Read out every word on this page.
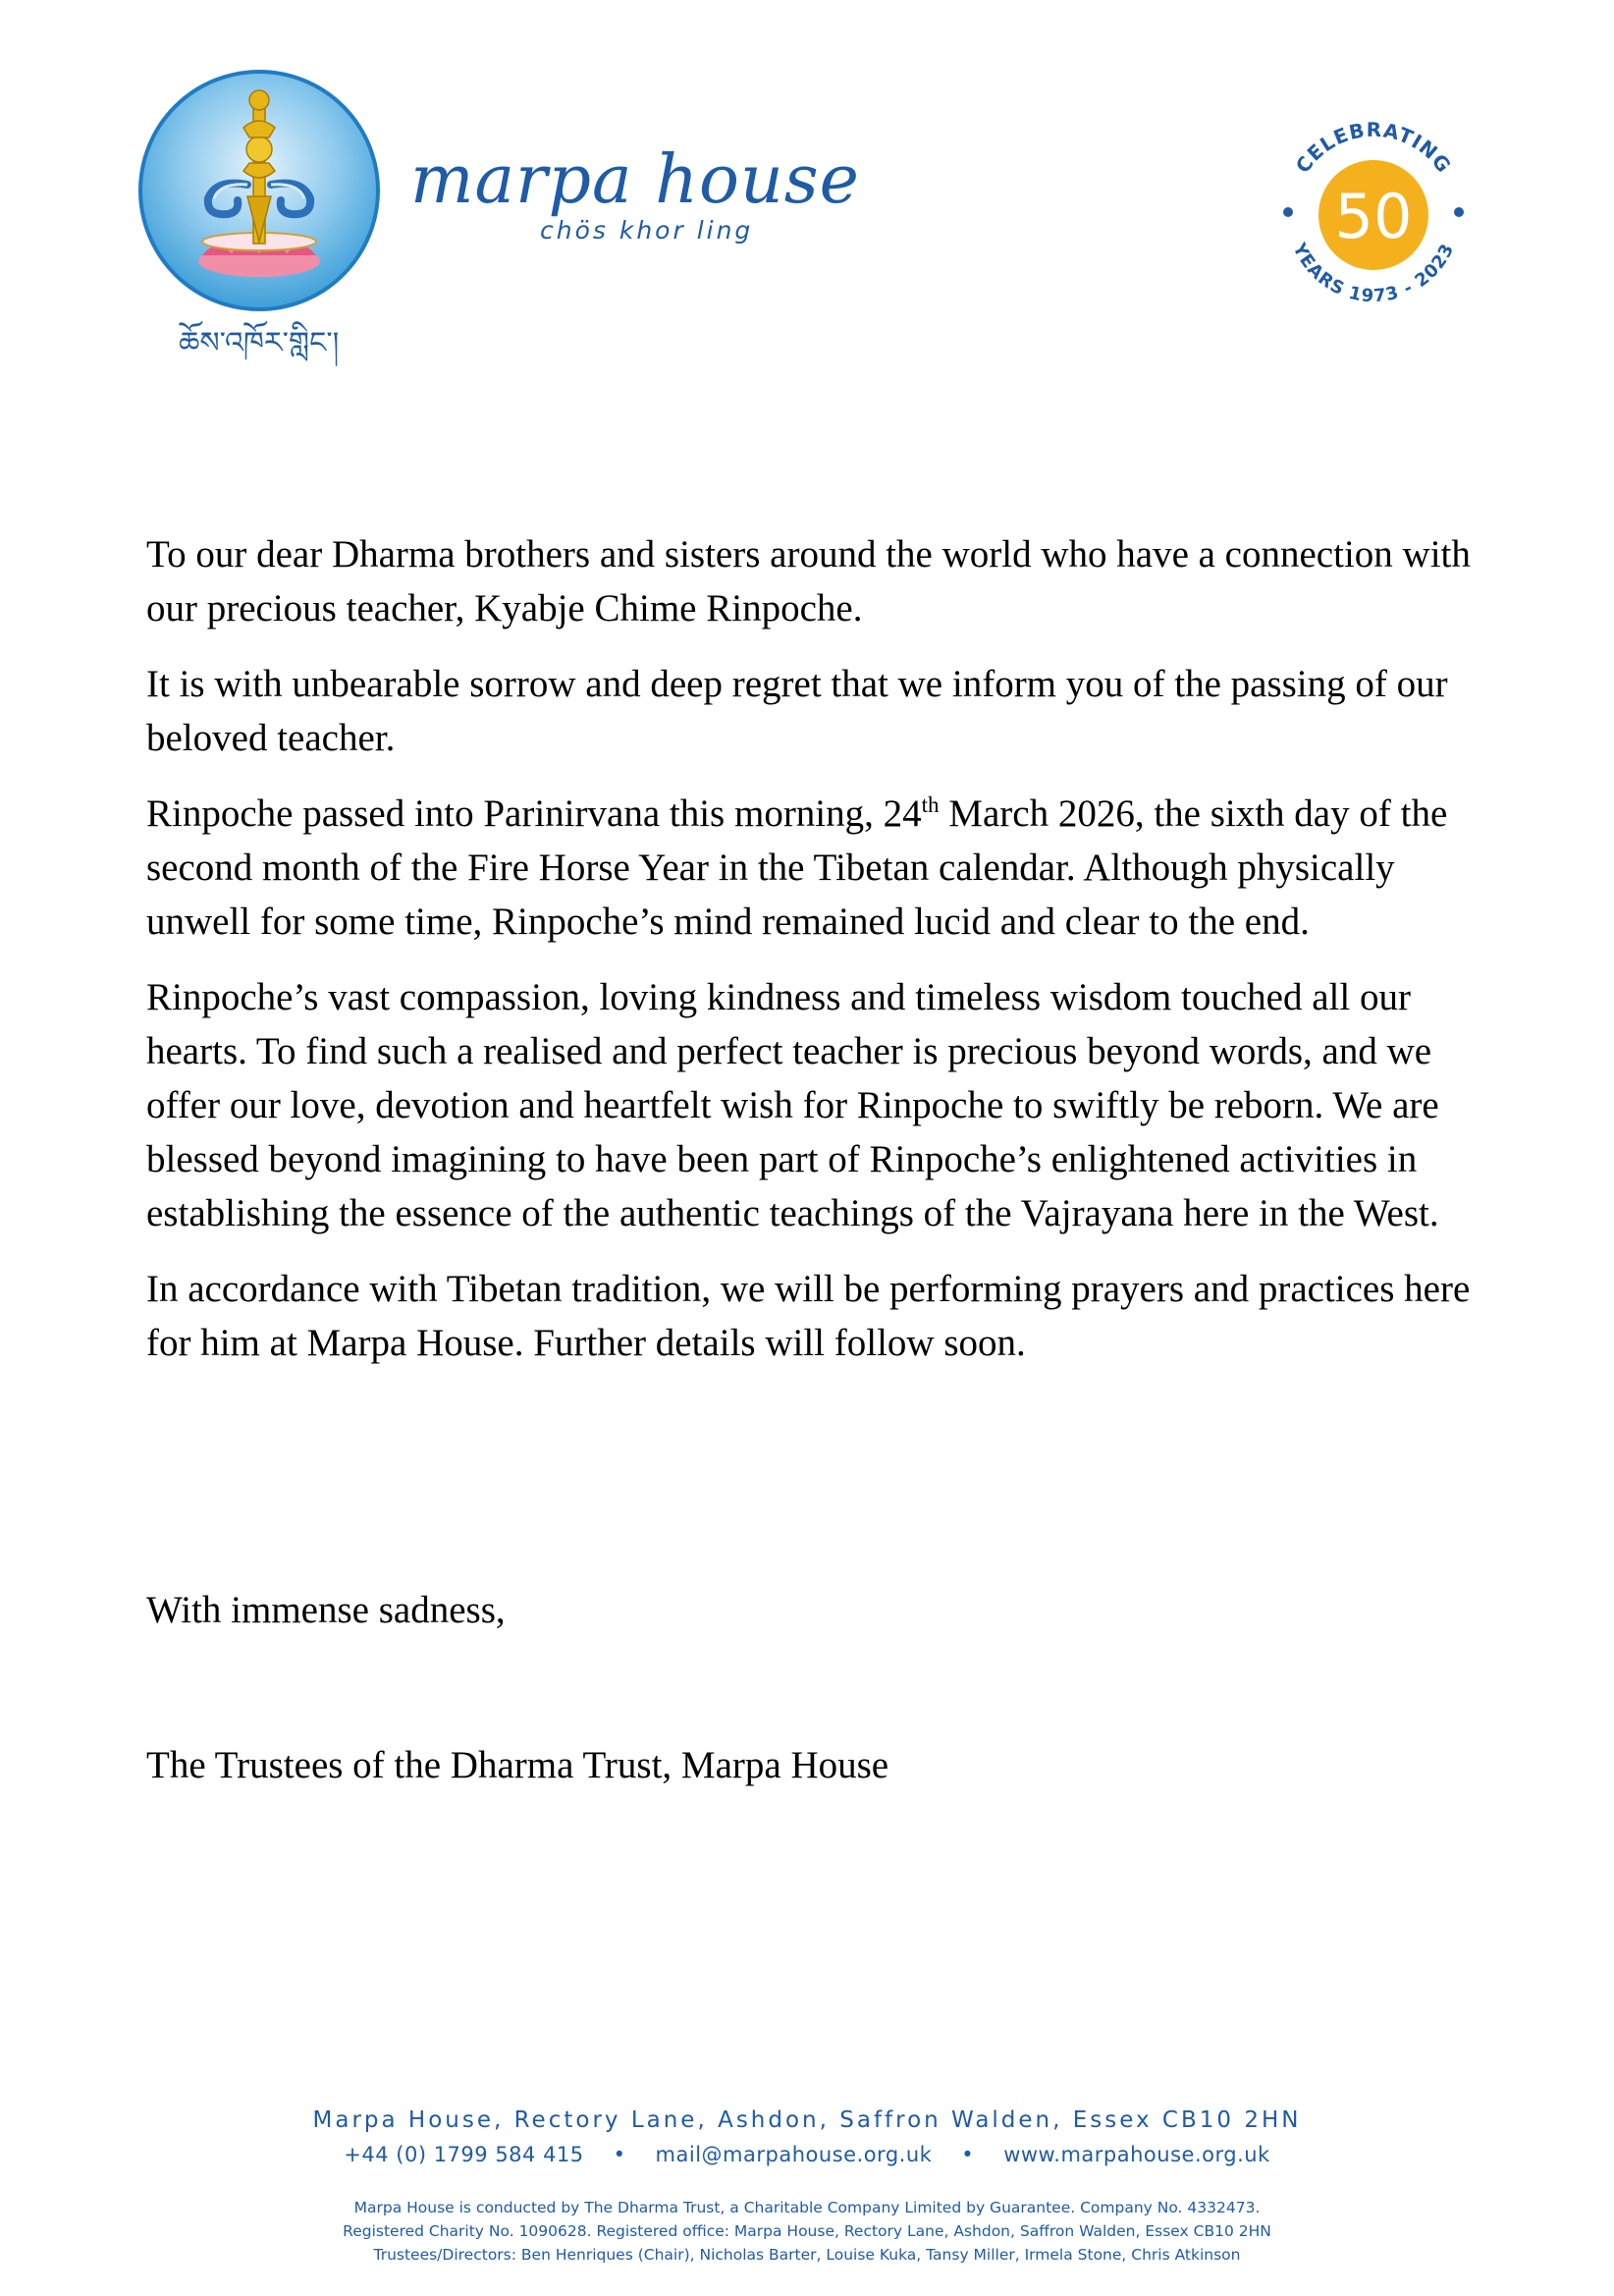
marpa house
chös khor ling
ཆོས་འཁོར་གླིང་།
50
CELEBRATING
YEARS 1973 - 2023

To our dear Dharma brothers and sisters around the world who have a connection with our precious teacher, Kyabje Chime Rinpoche.

It is with unbearable sorrow and deep regret that we inform you of the passing of our beloved teacher.

Rinpoche passed into Parinirvana this morning, 24th March 2026, the sixth day of the second month of the Fire Horse Year in the Tibetan calendar. Although physically unwell for some time, Rinpoche’s mind remained lucid and clear to the end.

Rinpoche’s vast compassion, loving kindness and timeless wisdom touched all our hearts. To find such a realised and perfect teacher is precious beyond words, and we offer our love, devotion and heartfelt wish for Rinpoche to swiftly be reborn. We are blessed beyond imagining to have been part of Rinpoche’s enlightened activities in establishing the essence of the authentic teachings of the Vajrayana here in the West.

In accordance with Tibetan tradition, we will be performing prayers and practices here for him at Marpa House. Further details will follow soon.

With immense sadness,
The Trustees of the Dharma Trust, Marpa House
Marpa House, Rectory Lane, Ashdon, Saffron Walden, Essex CB10 2HN
+44 (0) 1799 584 415 • mail@marpahouse.org.uk • www.marpahouse.org.uk
Marpa House is conducted by The Dharma Trust, a Charitable Company Limited by Guarantee. Company No. 4332473.
Registered Charity No. 1090628. Registered office: Marpa House, Rectory Lane, Ashdon, Saffron Walden, Essex CB10 2HN
Trustees/Directors: Ben Henriques (Chair), Nicholas Barter, Louise Kuka, Tansy Miller, Irmela Stone, Chris Atkinson
